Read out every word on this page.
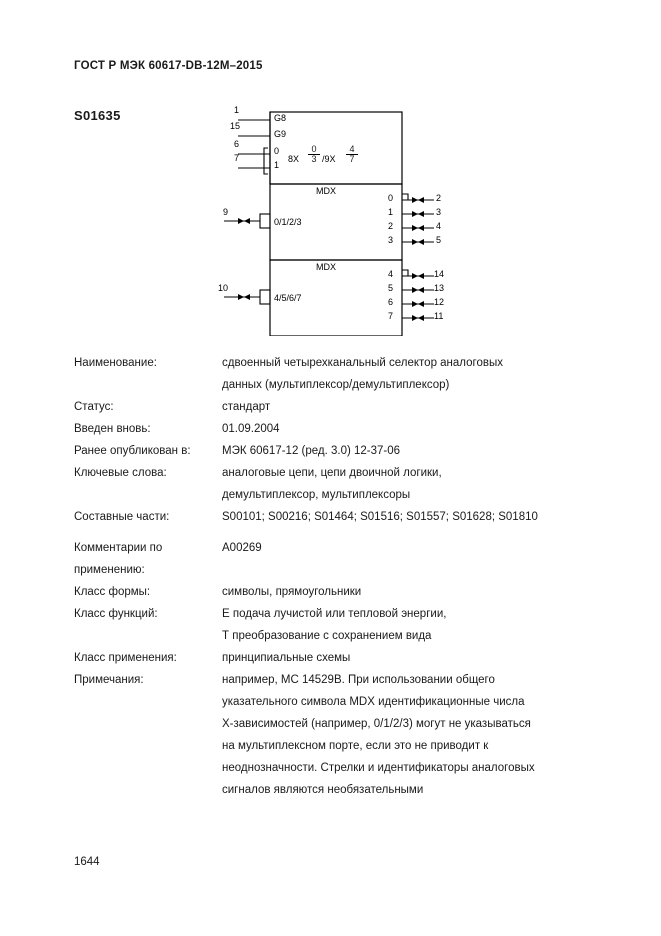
ГОСТ Р МЭК 60617-DB-12M–2015
S01635	1
15
6
7
G8
G9
0
1
8X
0
3 /9X
4
7
MDX
0/1/2/3
9
0
1
2
3
2
3
4
5
MDX
4/5/6/7
10
4
5
6
7
14
13
12
11
Наименование:	сдвоенный четырехканальный селектор аналоговых
данных (мультиплексор/демультиплексор)
Статус:	стандарт
Введен вновь:	01.09.2004
Ранее опубликован в:	МЭК 60617-12 (ред. 3.0) 12-37-06
Ключевые слова:	аналоговые цепи, цепи двоичной логики,
демультиплексор, мультиплексоры
Составные части:	S00101; S00216; S01464; S01516; S01557; S01628; S01810
Комментарии по применению:
A00269
Класс формы:	символы, прямоугольники
Класс функций:	Е подача лучистой или тепловой энергии,
Т преобразование с сохранением вида
Класс применения:	принципиальные схемы
Примечания:	например, МС 14529В. При использовании общего
указательного символа MDX идентификационные числа
Х-зависимостей (например, 0/1/2/3) могут не указываться
на мультиплексном порте, если это не приводит к
неоднозначности. Стрелки и идентификаторы аналоговых
сигналов являются необязательными
1644
